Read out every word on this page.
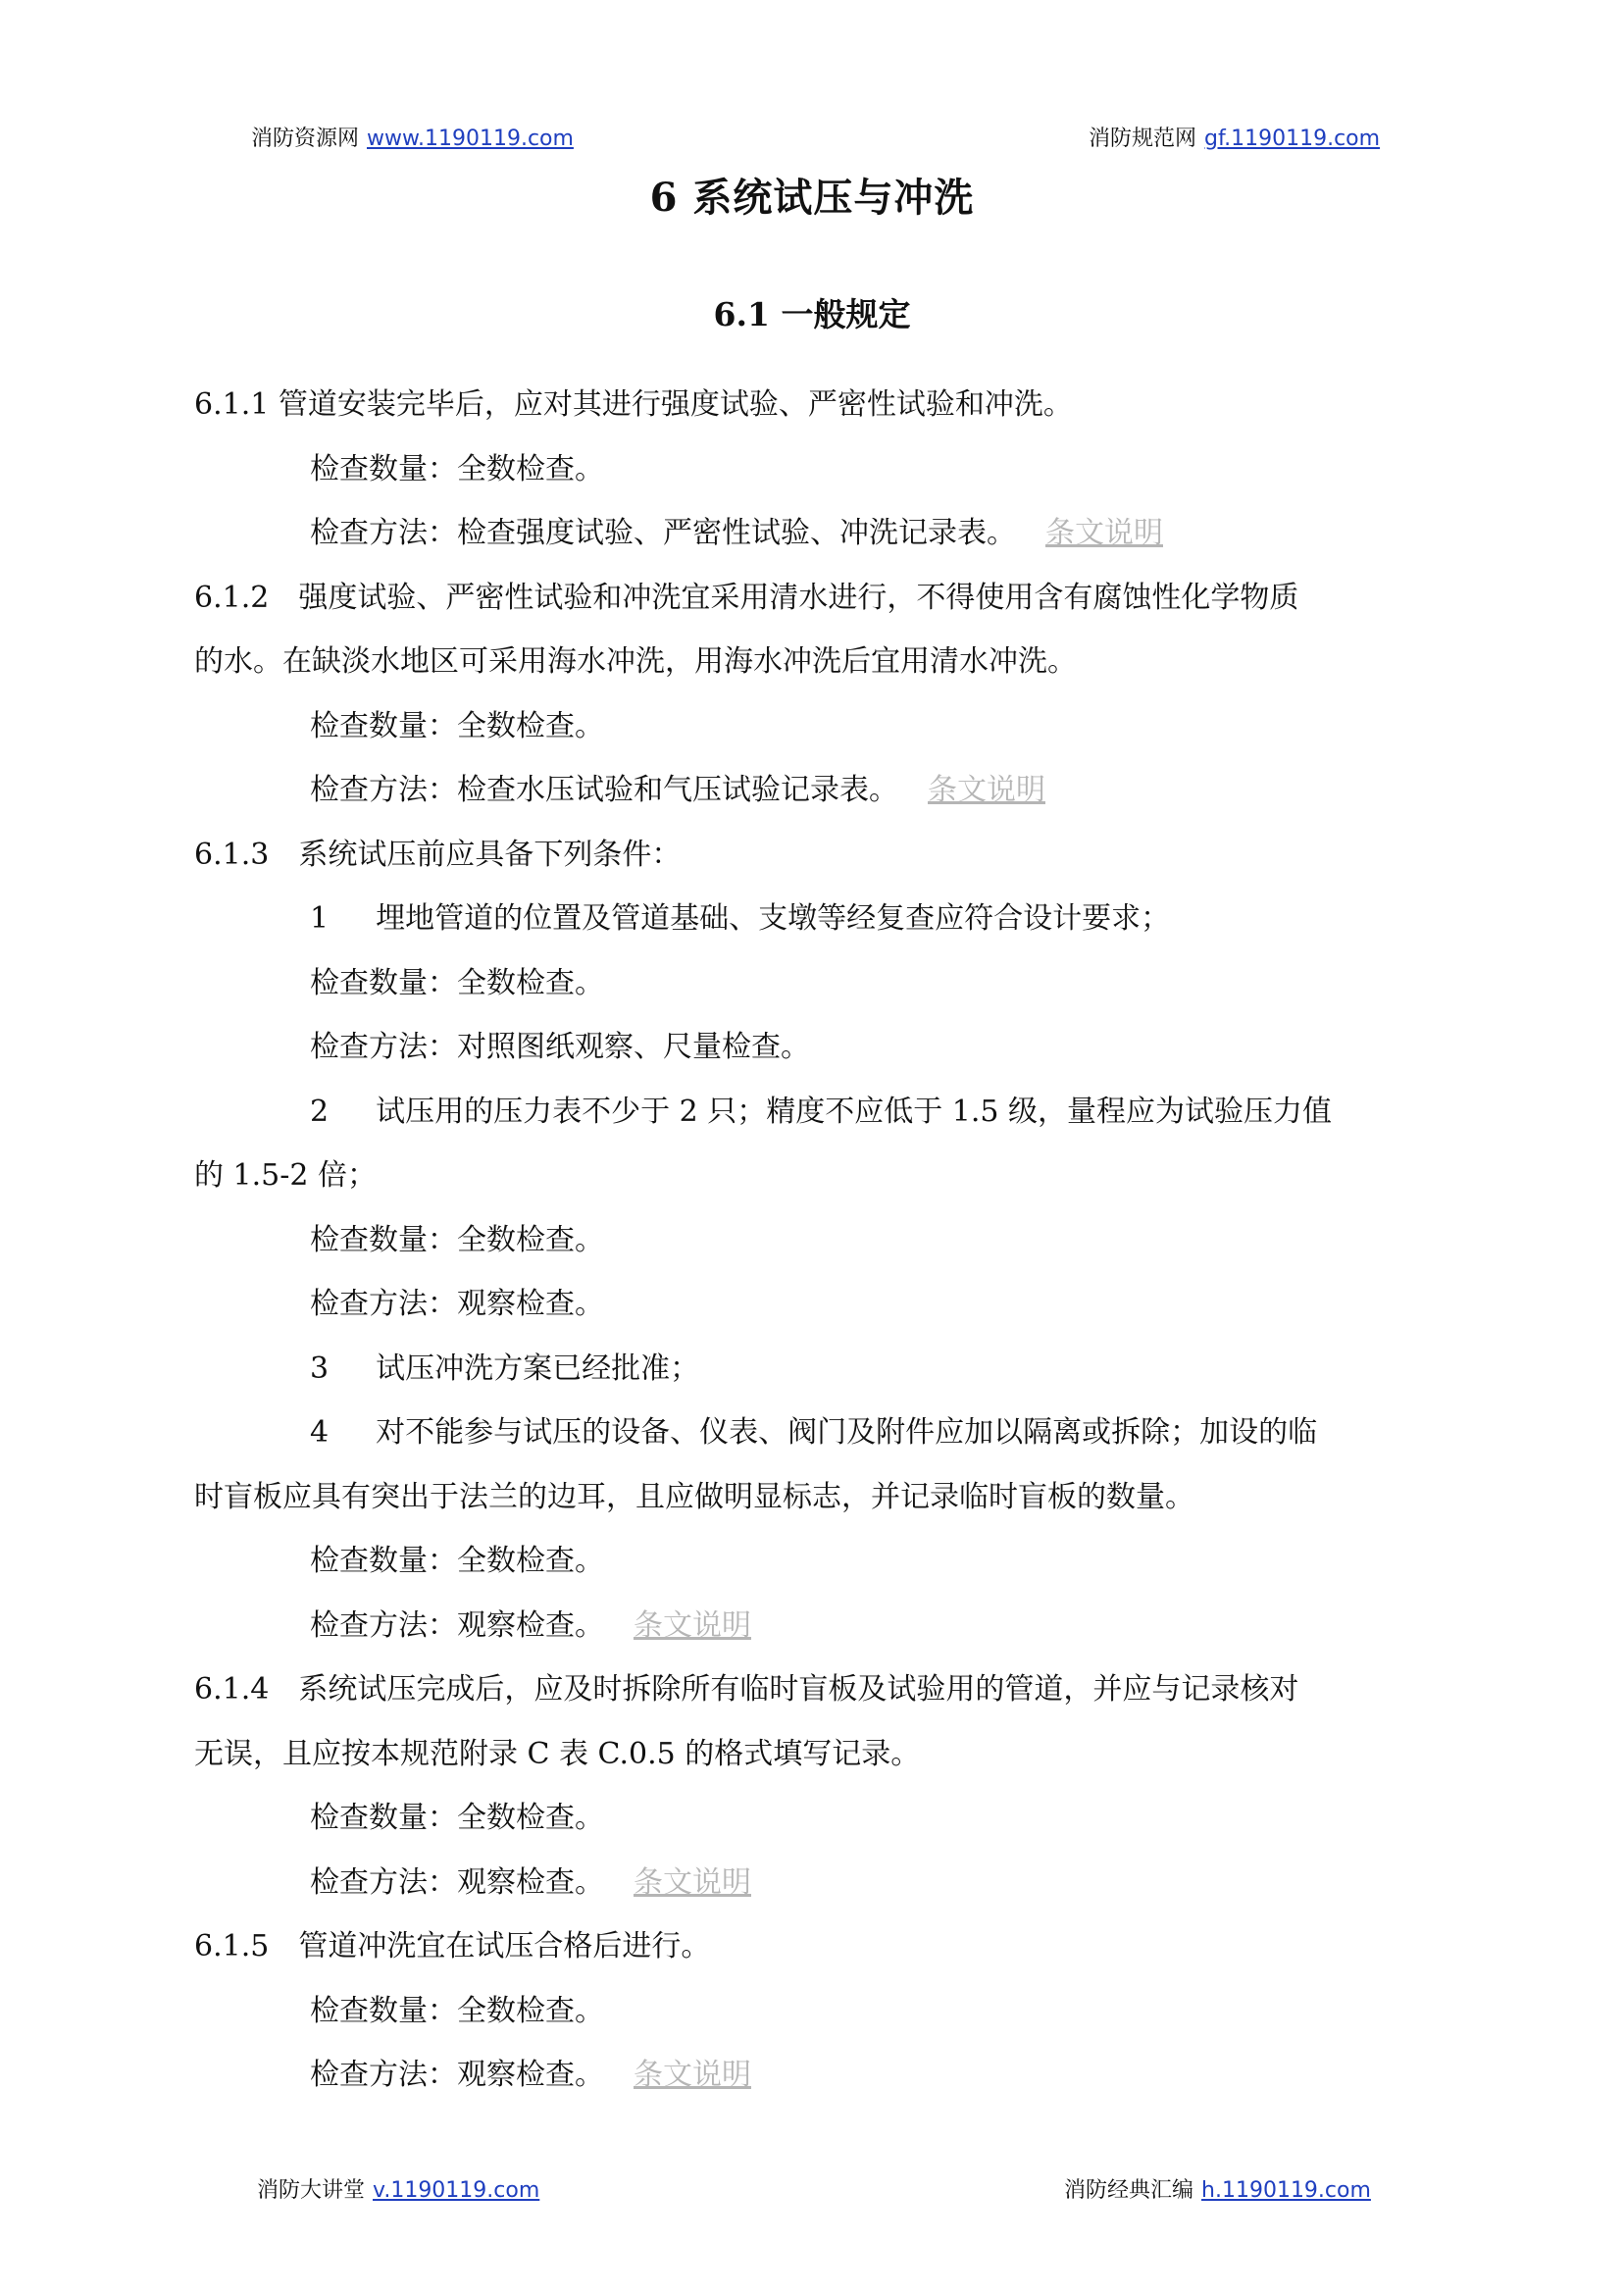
消防资源网 www.1190119.com	消防规范网 gf.1190119.com
6 系统试压与冲洗
6.1 一般规定

6.1.1 管道安装完毕后，应对其进行强度试验、严密性试验和冲洗。

检查数量：全数检查。

检查方法：检查强度试验、严密性试验、冲洗记录表。 条文说明

6.1.2 强度试验、严密性试验和冲洗宜采用清水进行，不得使用含有腐蚀性化学物质

的水。在缺淡水地区可采用海水冲洗，用海水冲洗后宜用清水冲洗。

检查数量：全数检查。

检查方法：检查水压试验和气压试验记录表。 条文说明

6.1.3 系统试压前应具备下列条件：

1 埋地管道的位置及管道基础、支墩等经复查应符合设计要求；

检查数量：全数检查。

检查方法：对照图纸观察、尺量检查。

2 试压用的压力表不少于 2 只；精度不应低于 1.5 级，量程应为试验压力值

的 1.5-2 倍；

检查数量：全数检查。

检查方法：观察检查。

3 试压冲洗方案已经批准；

4 对不能参与试压的设备、仪表、阀门及附件应加以隔离或拆除；加设的临

时盲板应具有突出于法兰的边耳，且应做明显标志，并记录临时盲板的数量。

检查数量：全数检查。

检查方法：观察检查。 条文说明

6.1.4 系统试压完成后，应及时拆除所有临时盲板及试验用的管道，并应与记录核对

无误，且应按本规范附录 C 表 C.0.5 的格式填写记录。

检查数量：全数检查。

检查方法：观察检查。 条文说明

6.1.5 管道冲洗宜在试压合格后进行。

检查数量：全数检查。

检查方法：观察检查。 条文说明

消防大讲堂 v.1190119.com	消防经典汇编 h.1190119.com
